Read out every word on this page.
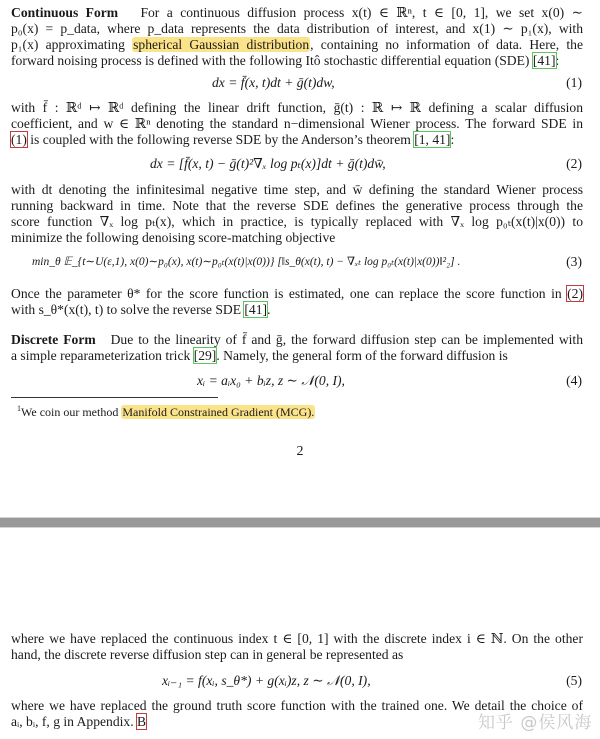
Continuous Form For a continuous diffusion process x(t) ∈ ℝⁿ, t ∈ [0, 1], we set x(0) ∼
p₀(x) = p_data, where p_data represents the data distribution of interest, and x(1) ∼ p₁(x), with
p₁(x) approximating spherical Gaussian distribution, containing no information of data. Here, the
forward noising process is defined with the following Itô stochastic differential equation (SDE) [41]:
dx = f̄(x, t)dt + ḡ(t)dw,	(1)
with f̄ : ℝᵈ ↦ ℝᵈ defining the linear drift function, ḡ(t) : ℝ ↦ ℝ defining a scalar diffusion
coefficient, and w ∈ ℝⁿ denoting the standard n−dimensional Wiener process. The forward SDE in
(1) is coupled with the following reverse SDE by the Anderson’s theorem [1, 41]:
dx = [f̄(x, t) − ḡ(t)²∇ₓ log pₜ(x)]dt + ḡ(t)dw̄,	(2)
with dt denoting the infinitesimal negative time step, and w̄ defining the standard Wiener process
running backward in time. Note that the reverse SDE defines the generative process through the
score function ∇ₓ log pₜ(x), which in practice, is typically replaced with ∇ₓ log p₀ₜ(x(t)|x(0)) to
minimize the following denoising score-matching objective
min_θ 𝔼_{t∼U(ε,1), x(0)∼p₀(x), x(t)∼p₀ₜ(x(t)|x(0))} [‖s_θ(x(t), t) − ∇ₓₜ log p₀ₜ(x(t)|x(0))‖²₂] .	(3)
Once the parameter θ* for the score function is estimated, one can replace the score function in (2)
with s_θ*(x(t), t) to solve the reverse SDE [41].
Discrete Form Due to the linearity of f̄ and ḡ, the forward diffusion step can be implemented with
a simple reparameterization trick [29]. Namely, the general form of the forward diffusion is
xᵢ = aᵢx₀ + bᵢz, z ∼ 𝒩(0, I),	(4)
$^1$We coin our method Manifold Constrained Gradient (MCG).
2
where we have replaced the continuous index t ∈ [0, 1] with the discrete index i ∈ ℕ. On the other
hand, the discrete reverse diffusion step can in general be represented as
xᵢ₋₁ = f(xᵢ, s_θ*) + g(xᵢ)z, z ∼ 𝒩(0, I),	(5)
where we have replaced the ground truth score function with the trained one. We detail the choice of
aᵢ, bᵢ, f, g in Appendix. B	知乎 @侯风海
